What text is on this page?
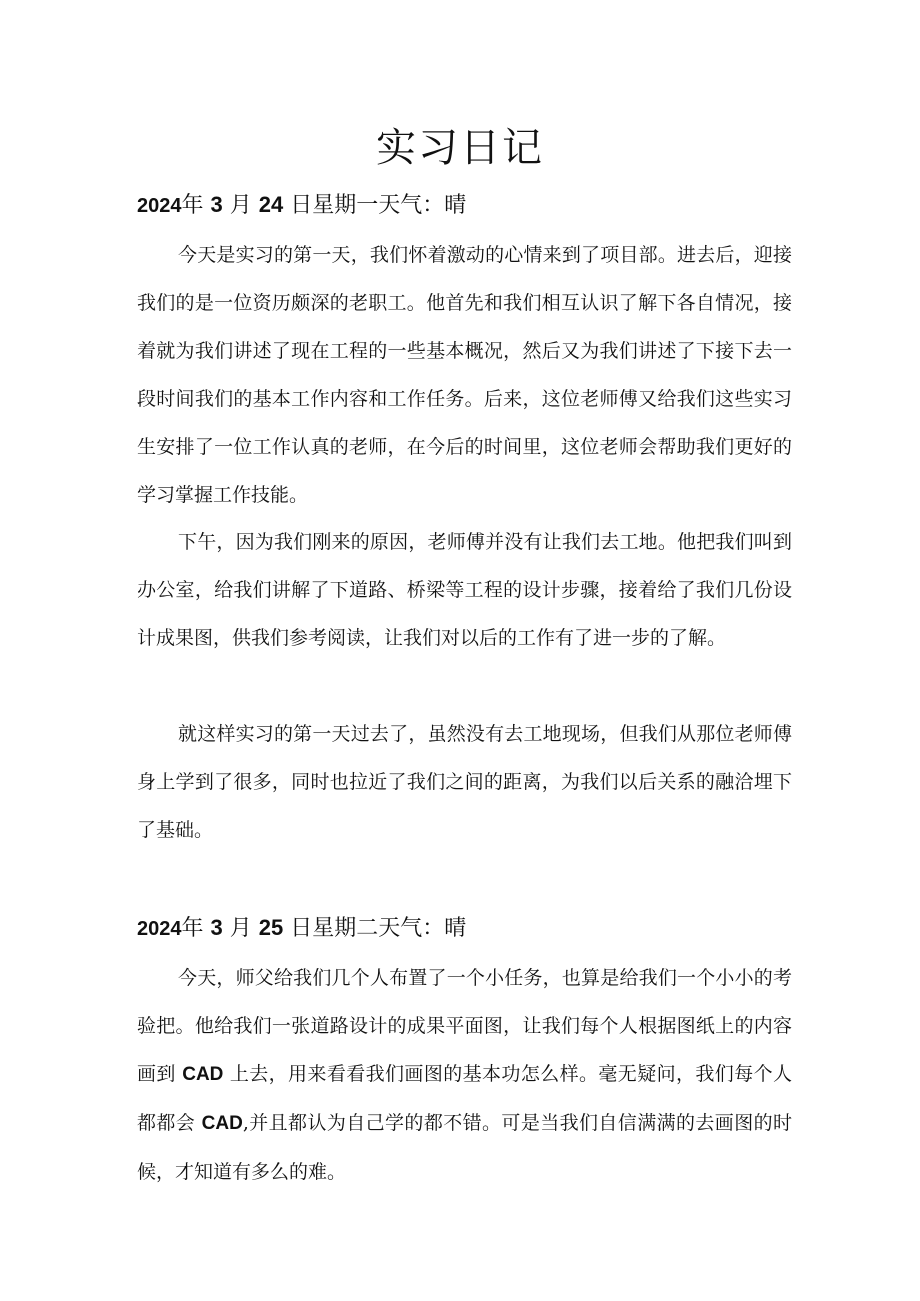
实习日记
2024年 3 月 24 日星期一天气：晴

今天是实习的第一天，我们怀着激动的心情来到了项目部。进去后，迎接我们的是一位资历颇深的老职工。他首先和我们相互认识了解下各自情况，接着就为我们讲述了现在工程的一些基本概况，然后又为我们讲述了下接下去一段时间我们的基本工作内容和工作任务。后来，这位老师傅又给我们这些实习生安排了一位工作认真的老师，在今后的时间里，这位老师会帮助我们更好的学习掌握工作技能。

下午，因为我们刚来的原因，老师傅并没有让我们去工地。他把我们叫到办公室，给我们讲解了下道路、桥梁等工程的设计步骤，接着给了我们几份设计成果图，供我们参考阅读，让我们对以后的工作有了进一步的了解。

就这样实习的第一天过去了，虽然没有去工地现场，但我们从那位老师傅身上学到了很多，同时也拉近了我们之间的距离，为我们以后关系的融洽埋下了基础。

2024年 3 月 25 日星期二天气：晴

今天，师父给我们几个人布置了一个小任务，也算是给我们一个小小的考验把。他给我们一张道路设计的成果平面图，让我们每个人根据图纸上的内容画到 CAD 上去，用来看看我们画图的基本功怎么样。毫无疑问，我们每个人都都会 CAD,并且都认为自己学的都不错。可是当我们自信满满的去画图的时候，才知道有多么的难。
